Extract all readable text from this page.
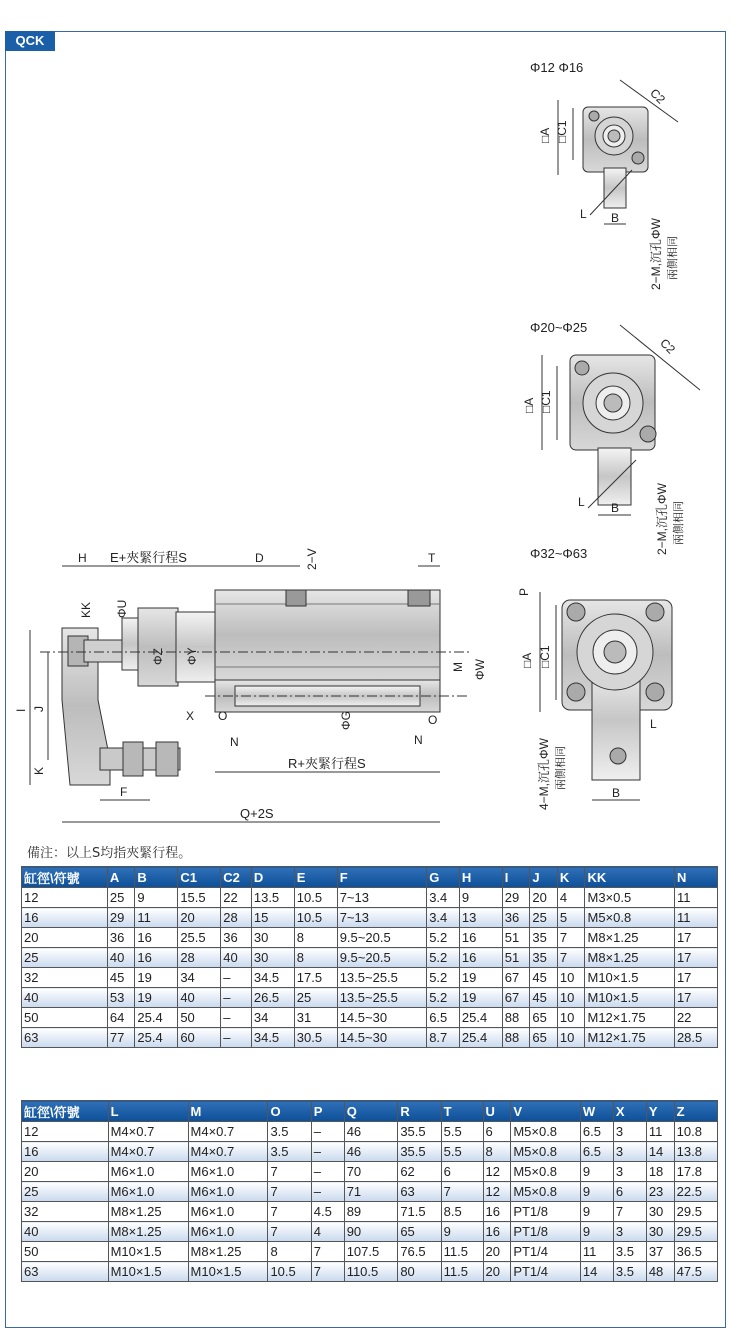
QCK
Φ12 Φ16
C2
□A □C1
B
L
2−M,沉孔ΦW 兩側相同
Φ20~Φ25
C2
□A □C1
B
L	2−M,沉孔ΦW 兩側相同
Φ32~Φ63
□A □C1
P
B
L
4−M,沉孔ΦW 兩側相同
H E+夾緊行程S	D	2−V	T
KK ΦU
ΦZ ΦY
M ΦW
I J
K
X O
N
ΦG	O
N
R+夾緊行程S
F
Q+2S
備注：以上S均指夾緊行程。
缸徑\符號	A	B	C1	C2	D	E	F	G	H	I	J	K	KK	N
12	25	9	15.5	22	13.5	10.5	7~13	3.4	9	29	20	4	M3×0.5	11
16	29	11	20	28	15	10.5	7~13	3.4	13	36	25	5	M5×0.8	11
20	36	16	25.5	36	30	8	9.5~20.5	5.2	16	51	35	7	M8×1.25	17
25	40	16	28	40	30	8	9.5~20.5	5.2	16	51	35	7	M8×1.25	17
32	45	19	34	–	34.5	17.5	13.5~25.5	5.2	19	67	45	10	M10×1.5	17
40	53	19	40	–	26.5	25	13.5~25.5	5.2	19	67	45	10	M10×1.5	17
50	64	25.4	50	–	34	31	14.5~30	6.5	25.4	88	65	10	M12×1.75	22
63	77	25.4	60	–	34.5	30.5	14.5~30	8.7	25.4	88	65	10	M12×1.75	28.5
缸徑\符號	L	M	O	P	Q	R	T	U	V	W	X	Y	Z
12	M4×0.7	M4×0.7	3.5	–	46	35.5	5.5	6	M5×0.8	6.5	3	11	10.8
16	M4×0.7	M4×0.7	3.5	–	46	35.5	5.5	8	M5×0.8	6.5	3	14	13.8
20	M6×1.0	M6×1.0	7	–	70	62	6	12	M5×0.8	9	3	18	17.8
25	M6×1.0	M6×1.0	7	–	71	63	7	12	M5×0.8	9	6	23	22.5
32	M8×1.25	M6×1.0	7	4.5	89	71.5	8.5	16	PT1/8	9	7	30	29.5
40	M8×1.25	M6×1.0	7	4	90	65	9	16	PT1/8	9	3	30	29.5
50	M10×1.5	M8×1.25	8	7	107.5	76.5	11.5	20	PT1/4	11	3.5	37	36.5
63	M10×1.5	M10×1.5	10.5	7	110.5	80	11.5	20	PT1/4	14	3.5	48	47.5
